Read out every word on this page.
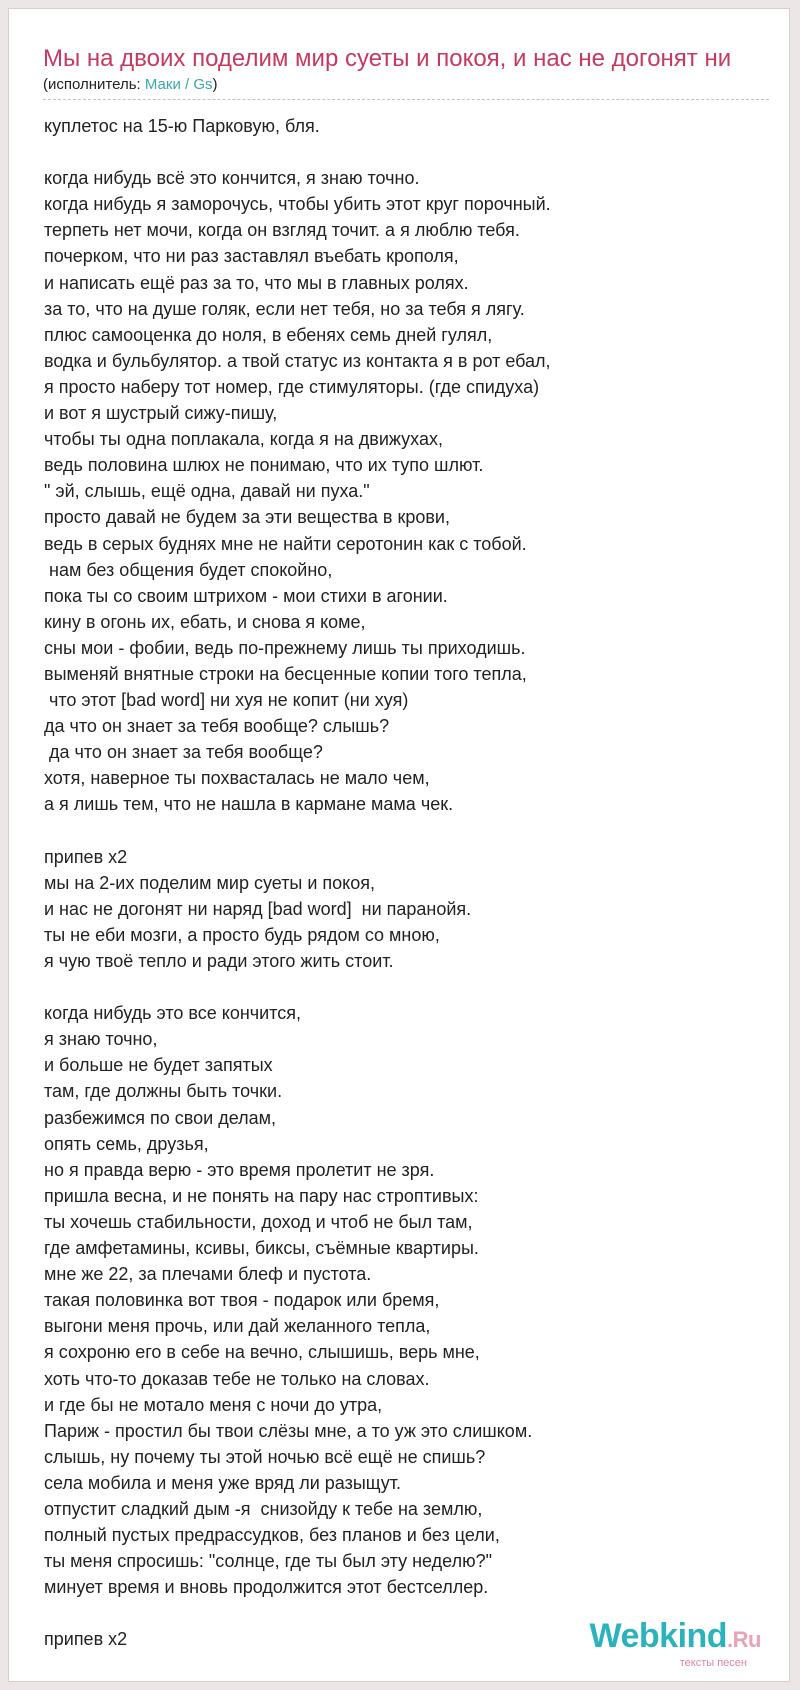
Мы на двоих поделим мир суеты и покоя, и нас не догонят ни
(исполнитель: Маки / Gs)
куплетос на 15-ю Парковую, бля.

когда нибудь всё это кончится, я знаю точно.
когда нибудь я заморочусь, чтобы убить этот круг порочный.
терпеть нет мочи, когда он взгляд точит. а я люблю тебя.
почерком, что ни раз заставлял въебать крополя,
и написать ещё раз за то, что мы в главных ролях.
за то, что на душе голяк, если нет тебя, но за тебя я лягу.
плюс самооценка до ноля, в ебенях семь дней гулял,
водка и бульбулятор. а твой статус из контакта я в рот ебал,
я просто наберу тот номер, где стимуляторы. (где спидуха)
и вот я шустрый сижу-пишу,
чтобы ты одна поплакала, когда я на движухах,
ведь половина шлюх не понимаю, что их тупо шлют.
" эй, слышь, ещё одна, давай ни пуха."
просто давай не будем за эти вещества в крови,
ведь в серых буднях мне не найти серотонин как с тобой.
нам без общения будет спокойно,
пока ты со своим штрихом - мои стихи в агонии.
кину в огонь их, ебать, и снова я коме,
сны мои - фобии, ведь по-прежнему лишь ты приходишь.
выменяй внятные строки на бесценные копии того тепла,
что этот [bad word] ни хуя не копит (ни хуя)
да что он знает за тебя вообще? слышь?
да что он знает за тебя вообще?
хотя, наверное ты похвасталась не мало чем,
а я лишь тем, что не нашла в кармане мама чек.

припев x2
мы на 2-их поделим мир суеты и покоя,
и нас не догонят ни наряд [bad word]  ни паранойя.
ты не еби мозги, а просто будь рядом со мною,
я чую твоё тепло и ради этого жить стоит.

когда нибудь это все кончится,
я знаю точно,
и больше не будет запятых
там, где должны быть точки.
разбежимся по свои делам,
опять семь, друзья,
но я правда верю - это время пролетит не зря.
пришла весна, и не понять на пару нас строптивых:
ты хочешь стабильности, доход и чтоб не был там,
где амфетамины, ксивы, биксы, съёмные квартиры.
мне же 22, за плечами блеф и пустота.
такая половинка вот твоя - подарок или бремя,
выгони меня прочь, или дай желанного тепла,
я сохроню его в себе на вечно, слышишь, верь мне,
хоть что-то доказав тебе не только на словах.
и где бы не мотало меня с ночи до утра,
Париж - простил бы твои слёзы мне, а то уж это слишком.
слышь, ну почему ты этой ночью всё ещё не спишь?
села мобила и меня уже вряд ли разыщут.
отпустит сладкий дым -я  снизойду к тебе на землю,
полный пустых предрассудков, без планов и без цели,
ты меня спросишь: "солнце, где ты был эту неделю?"
минует время и вновь продолжится этот бестселлер.

припев x2	Webkind.Ru
тексты песен
